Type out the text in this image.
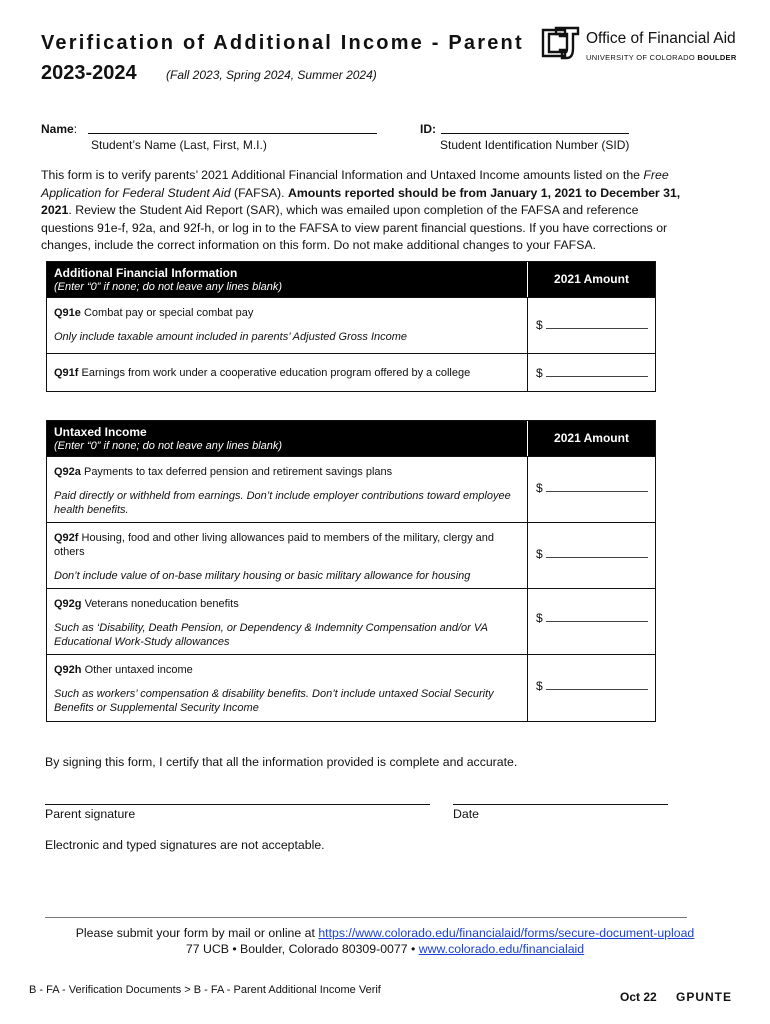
Verification of Additional Income - Parent
2023-2024 (Fall 2023, Spring 2024, Summer 2024)
Office of Financial Aid
UNIVERSITY OF COLORADO BOULDER
Name:
Student’s Name (Last, First, M.I.)
ID:
Student Identification Number (SID)
This form is to verify parents’ 2021 Additional Financial Information and Untaxed Income amounts listed on the Free Application for Federal Student Aid (FAFSA). Amounts reported should be from January 1, 2021 to December 31, 2021. Review the Student Aid Report (SAR), which was emailed upon completion of the FAFSA and reference questions 91e-f, 92a, and 92f-h, or log in to the FAFSA to view parent financial questions. If you have corrections or changes, include the correct information on this form. Do not make additional changes to your FAFSA.
Additional Financial Information
(Enter “0” if none; do not leave any lines blank)
2021 Amount
Q91e Combat pay or special combat pay
Only include taxable amount included in parents’ Adjusted Gross Income
$
Q91f Earnings from work under a cooperative education program offered by a college	$
Untaxed Income
(Enter “0” if none; do not leave any lines blank)
2021 Amount
Q92a Payments to tax deferred pension and retirement savings plans
Paid directly or withheld from earnings. Don’t include employer contributions toward employee health benefits.
$
Q92f Housing, food and other living allowances paid to members of the military, clergy and others
Don’t include value of on-base military housing or basic military allowance for housing
$
Q92g Veterans noneducation benefits
Such as ‘Disability, Death Pension, or Dependency & Indemnity Compensation and/or VA Educational Work-Study allowances
$
Q92h Other untaxed income
Such as workers’ compensation & disability benefits. Don’t include untaxed Social Security Benefits or Supplemental Security Income
$
By signing this form, I certify that all the information provided is complete and accurate.
Parent signature	Date
Electronic and typed signatures are not acceptable.
Please submit your form by mail or online at https://www.colorado.edu/financialaid/forms/secure-document-upload
77 UCB • Boulder, Colorado 80309-0077 • www.colorado.edu/financialaid
B - FA - Verification Documents > B - FA - Parent Additional Income Verif	Oct 22 GPUNTE
